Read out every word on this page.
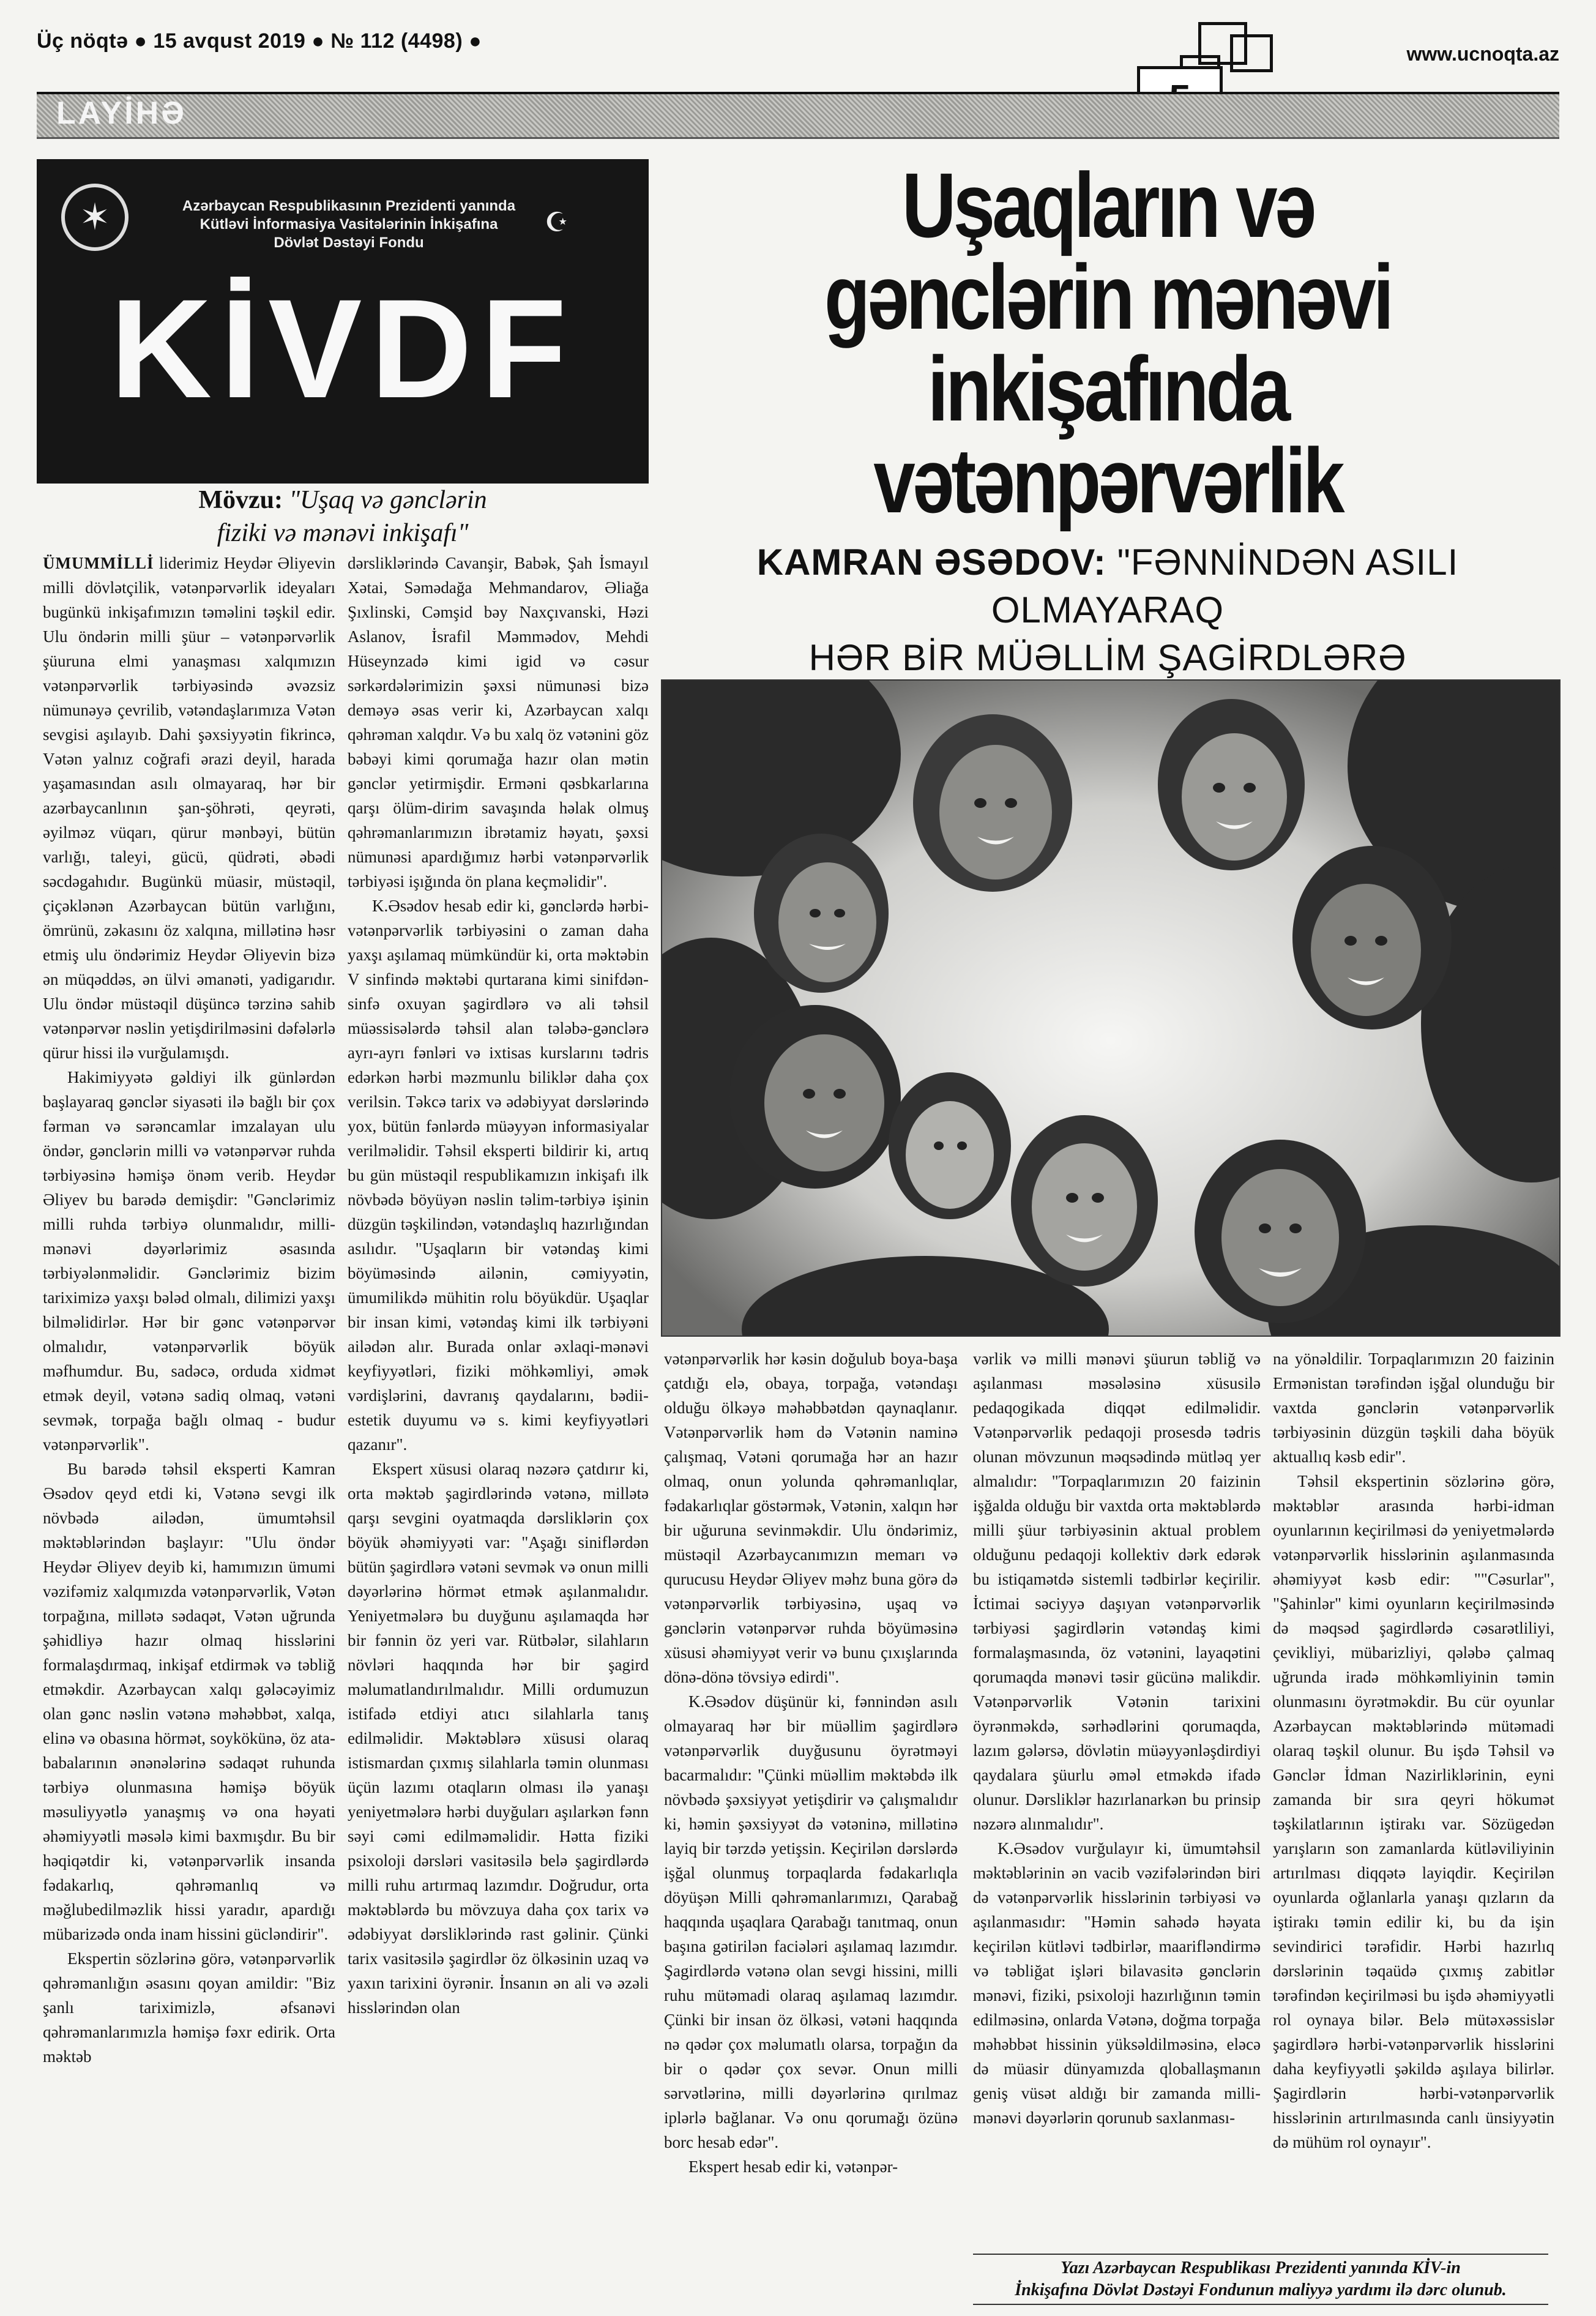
Üç nöqtə ● 15 avqust 2019 ● № 112 (4498) ●
www.ucnoqta.az
LAYİHƏ
✶	Azərbaycan Respublikasının Prezidenti yanında
Kütləvi İnformasiya Vasitələrinin İnkişafına
Dövlət Dəstəyi Fondu
☪
KİVDF
Mövzu: "Uşaq və gənclərin
fiziki və mənəvi inkişafı"
Uşaqların və
gənclərin mənəvi
inkişafında vətənpərvərlik
KAMRAN ƏSƏDOV: "FƏNNİNDƏN ASILI OLMAYARAQ
HƏR BİR MÜƏLLİM ŞAGİRDLƏRƏ

ÜMUMMİLLİ liderimiz Heydər Əliyevin milli dövlətçilik, vətənpərvərlik ideyaları bugünkü inkişafımızın təməlini təşkil edir. Ulu öndərin milli şüur – vətənpərvərlik şüuruna elmi yanaşması xalqımızın vətənpərvərlik tərbiyəsində əvəzsiz nümunəyə çevrilib, vətəndaşlarımıza Vətən sevgisi aşılayıb. Dahi şəxsiyyətin fikrincə, Vətən yalnız coğrafi ərazi deyil, harada yaşamasından asılı olmayaraq, hər bir azərbaycanlının şan-şöhrəti, qeyrəti, əyilməz vüqarı, qürur mənbəyi, bütün varlığı, taleyi, gücü, qüdrəti, əbədi səcdəgahıdır. Bugünkü müasir, müstəqil, çiçəklənən Azərbaycan bütün varlığını, ömrünü, zəkasını öz xalqına, millətinə həsr etmiş ulu öndərimiz Heydər Əliyevin bizə ən müqəddəs, ən ülvi əmanəti, yadigarıdır. Ulu öndər müstəqil düşüncə tərzinə sahib vətənpərvər nəslin yetişdirilməsini dəfələrlə qürur hissi ilə vurğulamışdı.

Hakimiyyətə gəldiyi ilk günlərdən başlayaraq gənclər siyasəti ilə bağlı bir çox fərman və sərəncamlar imzalayan ulu öndər, gənclərin milli və vətənpərvər ruhda tərbiyəsinə həmişə önəm verib. Heydər Əliyev bu barədə demişdir: "Gənclərimiz milli ruhda tərbiyə olunmalıdır, milli-mənəvi dəyərlərimiz əsasında tərbiyələnməlidir. Gənclərimiz bizim tariximizə yaxşı bələd olmalı, dilimizi yaxşı bilməlidirlər. Hər bir gənc vətənpərvər olmalıdır, vətənpərvərlik böyük məfhumdur. Bu, sadəcə, orduda xidmət etmək deyil, vətənə sadiq olmaq, vətəni sevmək, torpağa bağlı olmaq - budur vətənpərvərlik".

Bu barədə təhsil eksperti Kamran Əsədov qeyd etdi ki, Vətənə sevgi ilk növbədə ailədən, ümumtəhsil məktəblərindən başlayır: "Ulu öndər Heydər Əliyev deyib ki, hamımızın ümumi vəzifəmiz xalqımızda vətənpərvərlik, Vətən torpağına, millətə sədaqət, Vətən uğrunda şəhidliyə hazır olmaq hisslərini formalaşdırmaq, inkişaf etdirmək və təbliğ etməkdir. Azərbaycan xalqı gələcəyimiz olan gənc nəslin vətənə məhəbbət, xalqa, elinə və obasına hörmət, soykökünə, öz ata-babalarının ənənələrinə sədaqət ruhunda tərbiyə olunmasına həmişə böyük məsuliyyətlə yanaşmış və ona həyati əhəmiyyətli məsələ kimi baxmışdır. Bu bir həqiqətdir ki, vətənpərvərlik insanda fədakarlıq, qəhrəmanlıq və məğlubedilməzlik hissi yaradır, apardığı mübarizədə onda inam hissini gücləndirir".

Ekspertin sözlərinə görə, vətənpərvərlik qəhrəmanlığın əsasını qoyan amildir: "Biz şanlı tariximizlə, əfsanəvi qəhrəmanlarımızla həmişə fəxr edirik. Orta məktəb

dərsliklərində Cavanşir, Babək, Şah İsmayıl Xətai, Səmədağa Mehmandarov, Əliağa Şıxlinski, Cəmşid bəy Naxçıvanski, Həzi Aslanov, İsrafil Məmmədov, Mehdi Hüseynzadə kimi igid və cəsur sərkərdələrimizin şəxsi nümunəsi bizə deməyə əsas verir ki, Azərbaycan xalqı qəhrəman xalqdır. Və bu xalq öz vətənini göz bəbəyi kimi qorumağa hazır olan mətin gənclər yetirmişdir. Erməni qəsbkarlarına qarşı ölüm-dirim savaşında həlak olmuş qəhrəmanlarımızın ibrətamiz həyatı, şəxsi nümunəsi apardığımız hərbi vətənpərvərlik tərbiyəsi işığında ön plana keçməlidir".

K.Əsədov hesab edir ki, gənclərdə hərbi-vətənpərvərlik tərbiyəsini o zaman daha yaxşı aşılamaq mümkündür ki, orta məktəbin V sinfində məktəbi qurtarana kimi sinifdən-sinfə oxuyan şagirdlərə və ali təhsil müəssisələrdə təhsil alan tələbə-gənclərə ayrı-ayrı fənləri və ixtisas kurslarını tədris edərkən hərbi məzmunlu biliklər daha çox verilsin. Təkcə tarix və ədəbiyyat dərslərində yox, bütün fənlərdə müəyyən informasiyalar verilməlidir. Təhsil eksperti bildirir ki, artıq bu gün müstəqil respublikamızın inkişafı ilk növbədə böyüyən nəslin təlim-tərbiyə işinin düzgün təşkilindən, vətəndaşlıq hazırlığından asılıdır. "Uşaqların bir vətəndaş kimi böyüməsində ailənin, cəmiyyətin, ümumilikdə mühitin rolu böyükdür. Uşaqlar bir insan kimi, vətəndaş kimi ilk tərbiyəni ailədən alır. Burada onlar əxlaqi-mənəvi keyfiyyətləri, fiziki möhkəmliyi, əmək vərdişlərini, davranış qaydalarını, bədii-estetik duyumu və s. kimi keyfiyyətləri qazanır".

Ekspert xüsusi olaraq nəzərə çatdırır ki, orta məktəb şagirdlərində vətənə, millətə qarşı sevgini oyatmaqda dərsliklərin çox böyük əhəmiyyəti var: "Aşağı siniflərdən bütün şagirdlərə vətəni sevmək və onun milli dəyərlərinə hörmət etmək aşılanmalıdır. Yeniyetmələrə bu duyğunu aşılamaqda hər bir fənnin öz yeri var. Rütbələr, silahların növləri haqqında hər bir şagird məlumatlandırılmalıdır. Milli ordumuzun istifadə etdiyi atıcı silahlarla tanış edilməlidir. Məktəblərə xüsusi olaraq istismardan çıxmış silahlarla təmin olunması üçün lazımı otaqların olması ilə yanaşı yeniyetmələrə hərbi duyğuları aşılarkən fənn səyi cəmi edilməməlidir. Hətta fiziki psixoloji dərsləri vasitəsilə belə şagirdlərdə milli ruhu artırmaq lazımdır. Doğrudur, orta məktəblərdə bu mövzuya daha çox tarix və ədəbiyyat dərsliklərində rast gəlinir. Çünki tarix vasitəsilə şagirdlər öz ölkəsinin uzaq və yaxın tarixini öyrənir. İnsanın ən ali və əzəli hisslərindən olan

vətənpərvərlik hər kəsin doğulub boya-başa çatdığı elə, obaya, torpağa, vətəndaşı olduğu ölkəyə məhəbbətdən qaynaqlanır. Vətənpərvərlik həm də Vətənin naminə çalışmaq, Vətəni qorumağa hər an hazır olmaq, onun yolunda qəhrəmanlıqlar, fədakarlıqlar göstərmək, Vətənin, xalqın hər bir uğuruna sevinməkdir. Ulu öndərimiz, müstəqil Azərbaycanımızın memarı və qurucusu Heydər Əliyev məhz buna görə də vətənpərvərlik tərbiyəsinə, uşaq və gənclərin vətənpərvər ruhda böyüməsinə xüsusi əhəmiyyət verir və bunu çıxışlarında dönə-dönə tövsiyə edirdi".

K.Əsədov düşünür ki, fənnindən asılı olmayaraq hər bir müəllim şagirdlərə vətənpərvərlik duyğusunu öyrətməyi bacarmalıdır: "Çünki müəllim məktəbdə ilk növbədə şəxsiyyət yetişdirir və çalışmalıdır ki, həmin şəxsiyyət də vətəninə, millətinə layiq bir tərzdə yetişsin. Keçirilən dərslərdə işğal olunmuş torpaqlarda fədakarlıqla döyüşən Milli qəhrəmanlarımızı, Qarabağ haqqında uşaqlara Qarabağı tanıtmaq, onun başına gətirilən faciələri aşılamaq lazımdır. Şagirdlərdə vətənə olan sevgi hissini, milli ruhu mütəmadi olaraq aşılamaq lazımdır. Çünki bir insan öz ölkəsi, vətəni haqqında nə qədər çox məlumatlı olarsa, torpağın da bir o qədər çox sevər. Onun milli sərvətlərinə, milli dəyərlərinə qırılmaz iplərlə bağlanar. Və onu qorumağı özünə borc hesab edər".

Ekspert hesab edir ki, vətənpər-

vərlik və milli mənəvi şüurun təbliğ və aşılanması məsələsinə xüsusilə pedaqogikada diqqət edilməlidir. Vətənpərvərlik pedaqoji prosesdə tədris olunan mövzunun məqsədində mütləq yer almalıdır: "Torpaqlarımızın 20 faizinin işğalda olduğu bir vaxtda orta məktəblərdə milli şüur tərbiyəsinin aktual problem olduğunu pedaqoji kollektiv dərk edərək bu istiqamətdə sistemli tədbirlər keçirilir. İctimai səciyyə daşıyan vətənpərvərlik tərbiyəsi şagirdlərin vətəndaş kimi formalaşmasında, öz vətənini, layaqətini qorumaqda mənəvi təsir gücünə malikdir. Vətənpərvərlik Vətənin tarixini öyrənməkdə, sərhədlərini qorumaqda, lazım gələrsə, dövlətin müəyyənləşdirdiyi qaydalara şüurlu əməl etməkdə ifadə olunur. Dərsliklər hazırlanarkən bu prinsip nəzərə alınmalıdır".

K.Əsədov vurğulayır ki, ümumtəhsil məktəblərinin ən vacib vəzifələrindən biri də vətənpərvərlik hisslərinin tərbiyəsi və aşılanmasıdır: "Həmin sahədə həyata keçirilən kütləvi tədbirlər, maarifləndirmə və təbliğat işləri bilavasitə gənclərin mənəvi, fiziki, psixoloji hazırlığının təmin edilməsinə, onlarda Vətənə, doğma torpağa məhəbbət hissinin yüksəldilməsinə, eləcə də müasir dünyamızda qloballaşmanın geniş vüsət aldığı bir zamanda milli-mənəvi dəyərlərin qorunub saxlanması-

na yönəldilir. Torpaqlarımızın 20 faizinin Ermənistan tərəfindən işğal olunduğu bir vaxtda gənclərin vətənpərvərlik tərbiyəsinin düzgün təşkili daha böyük aktuallıq kəsb edir".

Təhsil ekspertinin sözlərinə görə, məktəblər arasında hərbi-idman oyunlarının keçirilməsi də yeniyetmələrdə vətənpərvərlik hisslərinin aşılanmasında əhəmiyyət kəsb edir: ""Cəsurlar", "Şahinlər" kimi oyunların keçirilməsində də məqsəd şagirdlərdə cəsarətliliyi, çevikliyi, mübarizliyi, qələbə çalmaq uğrunda iradə möhkəmliyinin təmin olunmasını öyrətməkdir. Bu cür oyunlar Azərbaycan məktəblərində mütəmadi olaraq təşkil olunur. Bu işdə Təhsil və Gənclər İdman Nazirliklərinin, eyni zamanda bir sıra qeyri hökumət təşkilatlarının iştirakı var. Sözügedən yarışların son zamanlarda kütləviliyinin artırılması diqqətə layiqdir. Keçirilən oyunlarda oğlanlarla yanaşı qızların da iştirakı təmin edilir ki, bu da işin sevindirici tərəfidir. Hərbi hazırlıq dərslərinin təqaüdə çıxmış zabitlər tərəfindən keçirilməsi bu işdə əhəmiyyətli rol oynaya bilər. Belə mütəxəssislər şagirdlərə hərbi-vətənpərvərlik hisslərini daha keyfiyyətli şəkildə aşılaya bilirlər. Şagirdlərin hərbi-vətənpərvərlik hisslərinin artırılmasında canlı ünsiyyətin də mühüm rol oynayır".

Yazı Azərbaycan Respublikası Prezidenti yanında KİV-in
İnkişafına Dövlət Dəstəyi Fondunun maliyyə yardımı ilə dərc olunub.
